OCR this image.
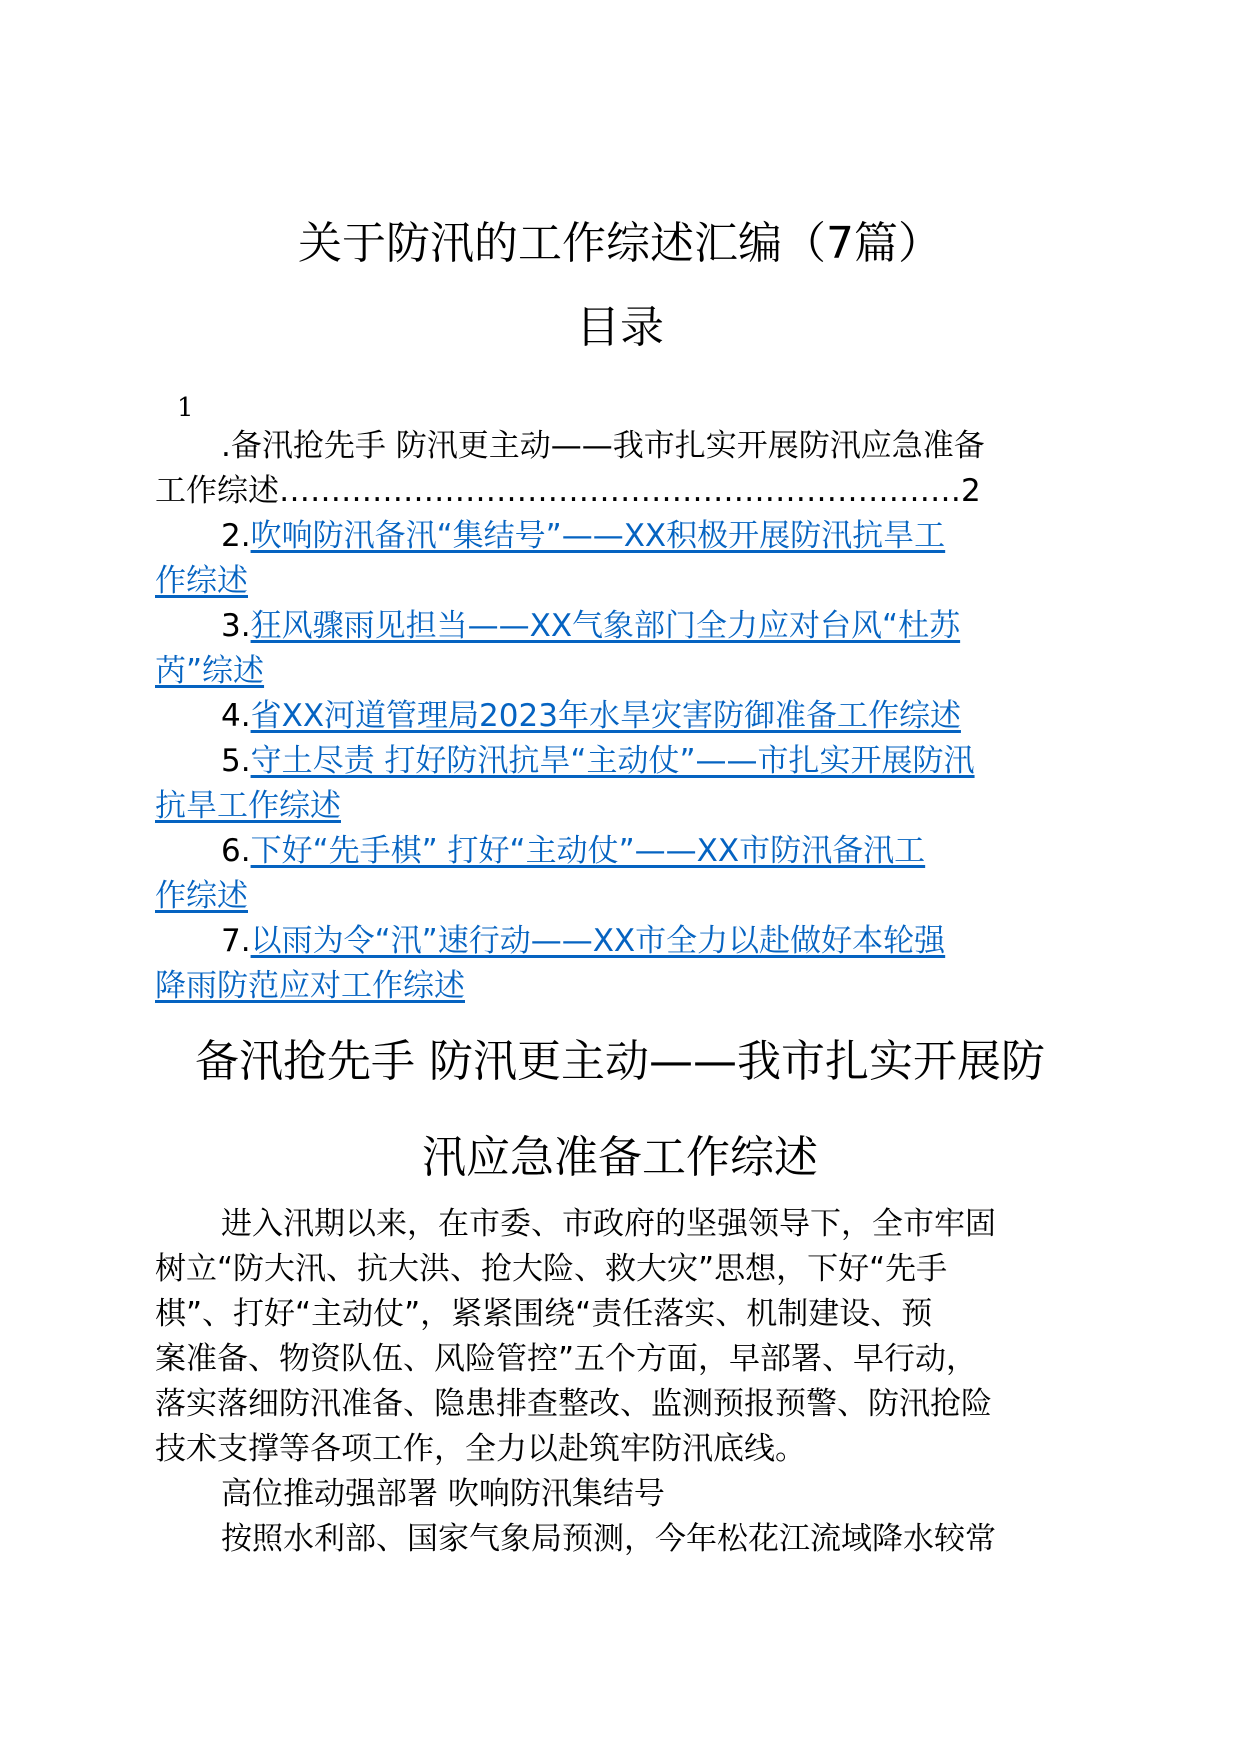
关于防汛的工作综述汇编（7篇）
目录
1
.备汛抢先手 防汛更主动——我市扎实开展防汛应急准备
工作综述…………………………………………………………2
2.吹响防汛备汛“集结号”——XX积极开展防汛抗旱工
作综述
3.狂风骤雨见担当——XX气象部门全力应对台风“杜苏
芮”综述
4.省XX河道管理局2023年水旱灾害防御准备工作综述
5.守土尽责 打好防汛抗旱“主动仗”——市扎实开展防汛
抗旱工作综述
6.下好“先手棋” 打好“主动仗”——XX市防汛备汛工
作综述
7.以雨为令“汛”速行动——XX市全力以赴做好本轮强
降雨防范应对工作综述
备汛抢先手 防汛更主动——我市扎实开展防
汛应急准备工作综述
进入汛期以来，在市委、市政府的坚强领导下，全市牢固
树立“防大汛、抗大洪、抢大险、救大灾”思想，下好“先手
棋”、打好“主动仗”，紧紧围绕“责任落实、机制建设、预
案准备、物资队伍、风险管控”五个方面，早部署、早行动，
落实落细防汛准备、隐患排查整改、监测预报预警、防汛抢险
技术支撑等各项工作，全力以赴筑牢防汛底线。
高位推动强部署 吹响防汛集结号
按照水利部、国家气象局预测，今年松花江流域降水较常
